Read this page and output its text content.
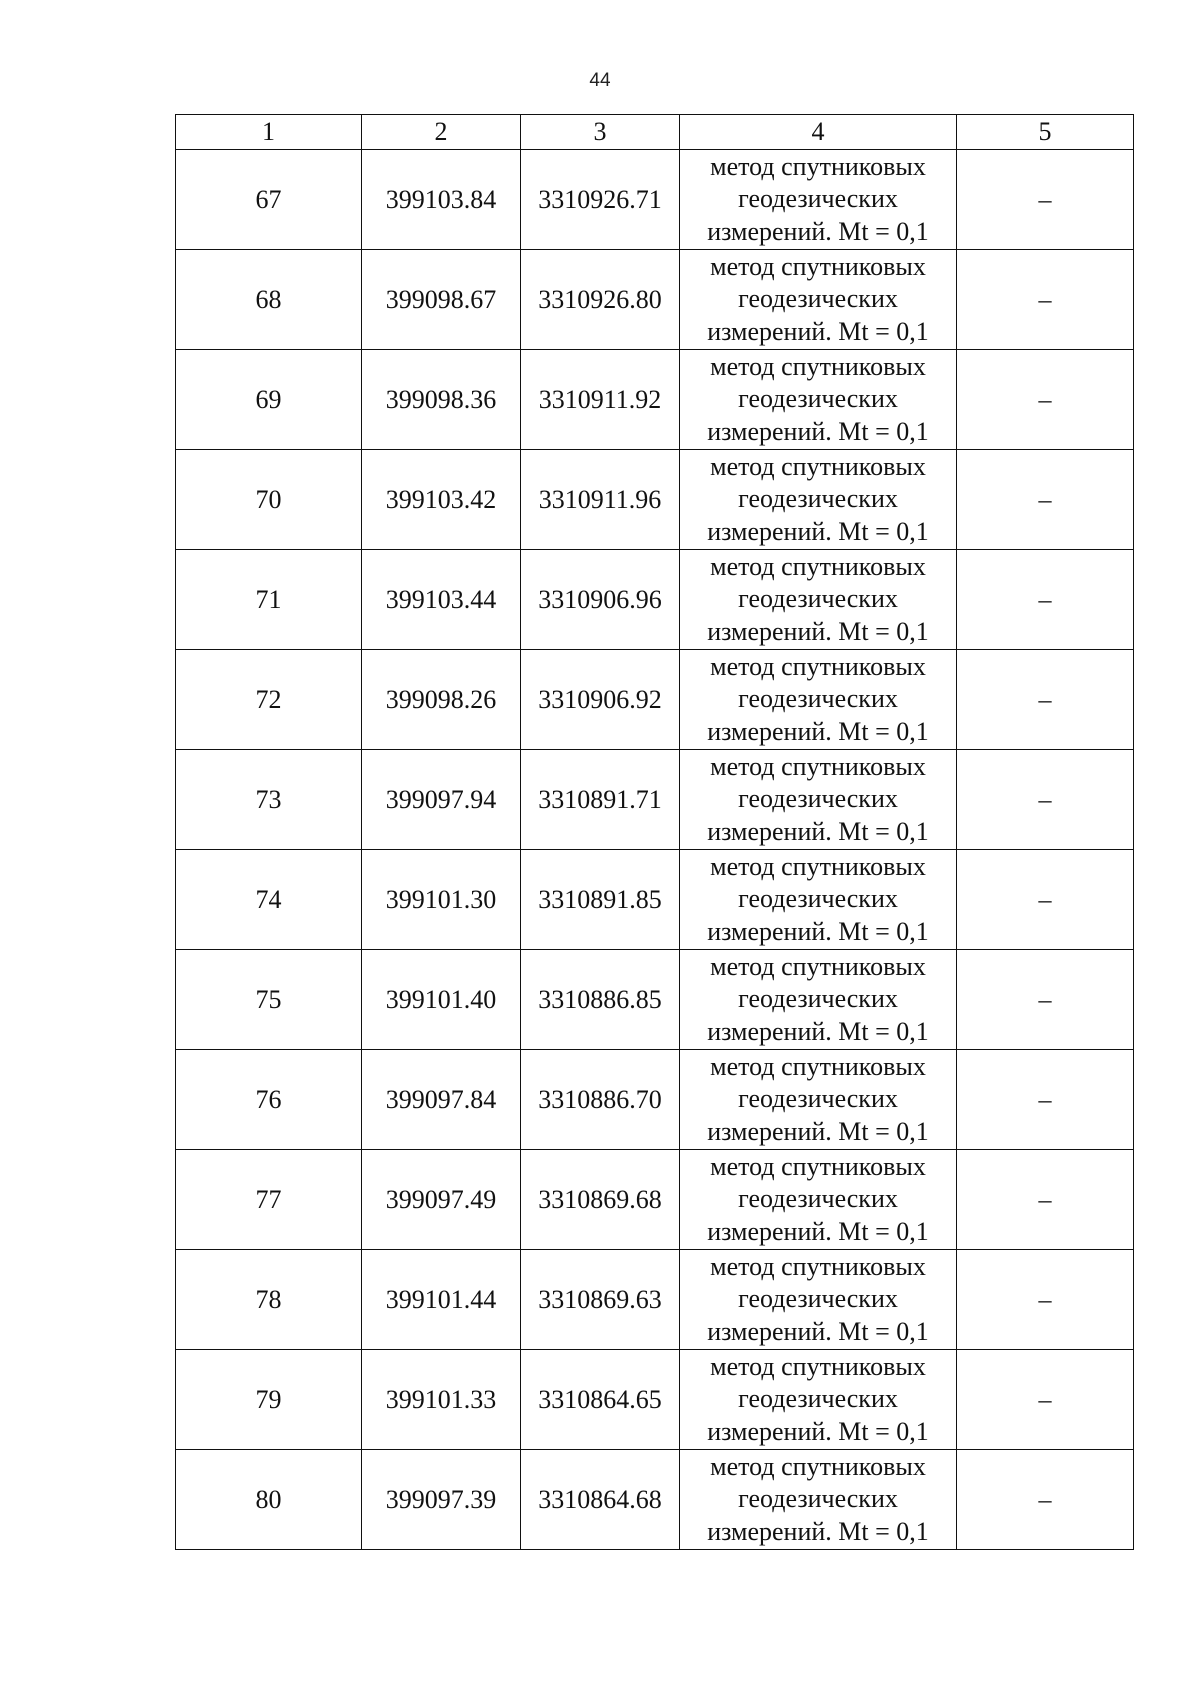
44
1	2	3	4	5
67	399103.84	3310926.71	метод спутниковых
геодезических
измерений. Mt = 0,1	–
68	399098.67	3310926.80	метод спутниковых
геодезических
измерений. Mt = 0,1	–
69	399098.36	3310911.92	метод спутниковых
геодезических
измерений. Mt = 0,1	–
70	399103.42	3310911.96	метод спутниковых
геодезических
измерений. Mt = 0,1	–
71	399103.44	3310906.96	метод спутниковых
геодезических
измерений. Mt = 0,1	–
72	399098.26	3310906.92	метод спутниковых
геодезических
измерений. Mt = 0,1	–
73	399097.94	3310891.71	метод спутниковых
геодезических
измерений. Mt = 0,1	–
74	399101.30	3310891.85	метод спутниковых
геодезических
измерений. Mt = 0,1	–
75	399101.40	3310886.85	метод спутниковых
геодезических
измерений. Mt = 0,1	–
76	399097.84	3310886.70	метод спутниковых
геодезических
измерений. Mt = 0,1	–
77	399097.49	3310869.68	метод спутниковых
геодезических
измерений. Mt = 0,1	–
78	399101.44	3310869.63	метод спутниковых
геодезических
измерений. Mt = 0,1	–
79	399101.33	3310864.65	метод спутниковых
геодезических
измерений. Mt = 0,1	–
80	399097.39	3310864.68	метод спутниковых
геодезических
измерений. Mt = 0,1	–
